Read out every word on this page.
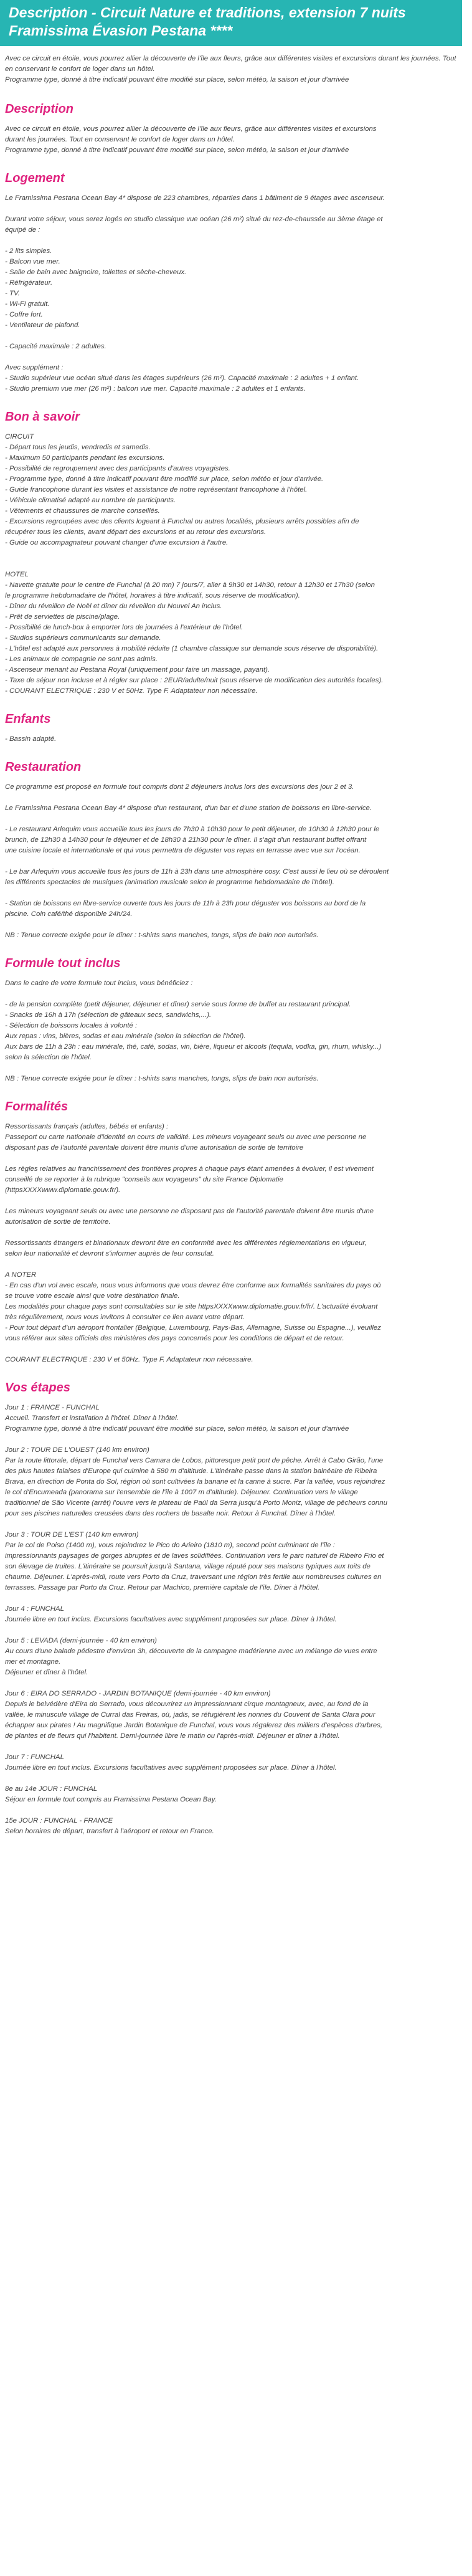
Description - Circuit Nature et traditions, extension 7 nuits Framissima Évasion Pestana ****
Avec ce circuit en étoile, vous pourrez allier la découverte de l'île aux fleurs, grâce aux différentes visites et excursions durant les journées. Tout en conservant le confort de loger dans un hôtel.
Programme type, donné à titre indicatif pouvant être modifié sur place, selon météo, la saison et jour d'arrivée
Description
Avec ce circuit en étoile, vous pourrez allier la découverte de l'île aux fleurs, grâce aux différentes visites et excursions
durant les journées. Tout en conservant le confort de loger dans un hôtel.
Programme type, donné à titre indicatif pouvant être modifié sur place, selon météo, la saison et jour d'arrivée
Logement
Le Framissima Pestana Ocean Bay 4* dispose de 223 chambres, réparties dans 1 bâtiment de 9 étages avec ascenseur.
Durant votre séjour, vous serez logés en studio classique vue océan (26 m²) situé du rez-de-chaussée au 3ème étage et
équipé de :
- 2 lits simples.
- Balcon vue mer.
- Salle de bain avec baignoire, toilettes et sèche-cheveux.
- Réfrigérateur.
- TV.
- Wi-Fi gratuit.
- Coffre fort.
- Ventilateur de plafond.
- Capacité maximale : 2 adultes.
Avec supplément :
- Studio supérieur vue océan situé dans les étages supérieurs (26 m²). Capacité maximale : 2 adultes + 1 enfant.
- Studio premium vue mer (26 m²) : balcon vue mer. Capacité maximale : 2 adultes et 1 enfants.
Bon à savoir
CIRCUIT
- Départ tous les jeudis, vendredis et samedis.
- Maximum 50 participants pendant les excursions.
- Possibilité de regroupement avec des participants d'autres voyagistes.
- Programme type, donné à titre indicatif pouvant être modifié sur place, selon météo et jour d'arrivée.
- Guide francophone durant les visites et assistance de notre représentant francophone à l'hôtel.
- Véhicule climatisé adapté au nombre de participants.
- Vêtements et chaussures de marche conseillés.
- Excursions regroupées avec des clients logeant à Funchal ou autres localités, plusieurs arrêts possibles afin de
récupérer tous les clients, avant départ des excursions et au retour des excursions.
- Guide ou accompagnateur pouvant changer d'une excursion à l'autre.
HOTEL
- Navette gratuite pour le centre de Funchal (à 20 mn) 7 jours/7, aller à 9h30 et 14h30, retour à 12h30 et 17h30 (selon
le programme hebdomadaire de l'hôtel, horaires à titre indicatif, sous réserve de modification).
- Dîner du réveillon de Noël et dîner du réveillon du Nouvel An inclus.
- Prêt de serviettes de piscine/plage.
- Possibilité de lunch-box à emporter lors de journées à l'extérieur de l'hôtel.
- Studios supérieurs communicants sur demande.
- L'hôtel est adapté aux personnes à mobilité réduite (1 chambre classique sur demande sous réserve de disponibilité).
- Les animaux de compagnie ne sont pas admis.
- Ascenseur menant au Pestana Royal (uniquement pour faire un massage, payant).
- Taxe de séjour non incluse et à régler sur place : 2EUR/adulte/nuit (sous réserve de modification des autorités locales).
- COURANT ELECTRIQUE : 230 V et 50Hz. Type F. Adaptateur non nécessaire.
Enfants
- Bassin adapté.
Restauration
Ce programme est proposé en formule tout compris dont 2 déjeuners inclus lors des excursions des jour 2 et 3.
Le Framissima Pestana Ocean Bay 4* dispose d'un restaurant, d'un bar et d'une station de boissons en libre-service.
- Le restaurant Arlequim vous accueille tous les jours de 7h30 à 10h30 pour le petit déjeuner, de 10h30 à 12h30 pour le
brunch, de 12h30 à 14h30 pour le déjeuner et de 18h30 à 21h30 pour le dîner. Il s'agit d'un restaurant buffet offrant
une cuisine locale et internationale et qui vous permettra de déguster vos repas en terrasse avec vue sur l'océan.
- Le bar Arlequim vous accueille tous les jours de 11h à 23h dans une atmosphère cosy. C'est aussi le lieu où se déroulent
les différents spectacles de musiques (animation musicale selon le programme hebdomadaire de l'hôtel).
- Station de boissons en libre-service ouverte tous les jours de 11h à 23h pour déguster vos boissons au bord de la
piscine. Coin café/thé disponible 24h/24.
NB : Tenue correcte exigée pour le dîner : t-shirts sans manches, tongs, slips de bain non autorisés.
Formule tout inclus
Dans le cadre de votre formule tout inclus, vous bénéficiez :
- de la pension complète (petit déjeuner, déjeuner et dîner) servie sous forme de buffet au restaurant principal.
- Snacks de 16h à 17h (sélection de gâteaux secs, sandwichs,...).
- Sélection de boissons locales à volonté :
Aux repas : vins, bières, sodas et eau minérale (selon la sélection de l'hôtel).
Aux bars de 11h à 23h : eau minérale, thé, café, sodas, vin, bière, liqueur et alcools (tequila, vodka, gin, rhum, whisky...)
selon la sélection de l'hôtel.
NB : Tenue correcte exigée pour le dîner : t-shirts sans manches, tongs, slips de bain non autorisés.
Formalités
Ressortissants français (adultes, bébés et enfants) :
Passeport ou carte nationale d'identité en cours de validité. Les mineurs voyageant seuls ou avec une personne ne
disposant pas de l'autorité parentale doivent être munis d'une autorisation de sortie de territoire
Les règles relatives au franchissement des frontières propres à chaque pays étant amenées à évoluer, il est vivement
conseillé de se reporter à la rubrique "conseils aux voyageurs" du site France Diplomatie
(httpsXXXXwww.diplomatie.gouv.fr/).
Les mineurs voyageant seuls ou avec une personne ne disposant pas de l'autorité parentale doivent être munis d'une
autorisation de sortie de territoire.
Ressortissants étrangers et binationaux devront être en conformité avec les différentes réglementations en vigueur,
selon leur nationalité et devront s'informer auprès de leur consulat.
A NOTER
- En cas d'un vol avec escale, nous vous informons que vous devrez être conforme aux formalités sanitaires du pays où
se trouve votre escale ainsi que votre destination finale.
Les modalités pour chaque pays sont consultables sur le site httpsXXXXwww.diplomatie.gouv.fr/fr/. L'actualité évoluant
très régulièrement, nous vous invitons à consulter ce lien avant votre départ.
- Pour tout départ d'un aéroport frontalier (Belgique, Luxembourg, Pays-Bas, Allemagne, Suisse ou Espagne...), veuillez
vous référer aux sites officiels des ministères des pays concernés pour les conditions de départ et de retour.
COURANT ELECTRIQUE : 230 V et 50Hz. Type F. Adaptateur non nécessaire.
Vos étapes
Jour 1 : FRANCE - FUNCHAL
Accueil. Transfert et installation à l'hôtel. Dîner à l'hôtel.
Programme type, donné à titre indicatif pouvant être modifié sur place, selon météo, la saison et jour d'arrivée
Jour 2 : TOUR DE L'OUEST (140 km environ)
Par la route littorale, départ de Funchal vers Camara de Lobos, pittoresque petit port de pêche. Arrêt à Cabo Girão, l'une
des plus hautes falaises d'Europe qui culmine à 580 m d'altitude. L'itinéraire passe dans la station balnéaire de Ribeira
Brava, en direction de Ponta do Sol, région où sont cultivées la banane et la canne à sucre. Par la vallée, vous rejoindrez
le col d'Encumeada (panorama sur l'ensemble de l'île à 1007 m d'altitude). Déjeuner. Continuation vers le village
traditionnel de São Vicente (arrêt) l'ouvre vers le plateau de Paúl da Serra jusqu'à Porto Moniz, village de pêcheurs connu
pour ses piscines naturelles creusées dans des rochers de basalte noir. Retour à Funchal. Dîner à l'hôtel.
Jour 3 : TOUR DE L'EST (140 km environ)
Par le col de Poiso (1400 m), vous rejoindrez le Pico do Arieiro (1810 m), second point culminant de l'île :
impressionnants paysages de gorges abruptes et de laves solidifiées. Continuation vers le parc naturel de Ribeiro Frio et
son élevage de truites. L'itinéraire se poursuit jusqu'à Santana, village réputé pour ses maisons typiques aux toits de
chaume. Déjeuner. L'après-midi, route vers Porto da Cruz, traversant une région très fertile aux nombreuses cultures en
terrasses. Passage par Porto da Cruz. Retour par Machico, première capitale de l'île. Dîner à l'hôtel.
Jour 4 : FUNCHAL
Journée libre en tout inclus. Excursions facultatives avec supplément proposées sur place. Dîner à l'hôtel.
Jour 5 : LEVADA (demi-journée - 40 km environ)
Au cours d'une balade pédestre d'environ 3h, découverte de la campagne madérienne avec un mélange de vues entre
mer et montagne.
Déjeuner et dîner à l'hôtel.
Jour 6 : EIRA DO SERRADO - JARDIN BOTANIQUE (demi-journée - 40 km environ)
Depuis le belvédère d'Eira do Serrado, vous découvrirez un impressionnant cirque montagneux, avec, au fond de la
vallée, le minuscule village de Curral das Freiras, où, jadis, se réfugièrent les nonnes du Couvent de Santa Clara pour
échapper aux pirates ! Au magnifique Jardin Botanique de Funchal, vous vous régalerez des milliers d'espèces d'arbres,
de plantes et de fleurs qui l'habitent. Demi-journée libre le matin ou l'après-midi. Déjeuner et dîner à l'hôtel.
Jour 7 : FUNCHAL
Journée libre en tout inclus. Excursions facultatives avec supplément proposées sur place. Dîner à l'hôtel.
8e au 14e JOUR : FUNCHAL
Séjour en formule tout compris au Framissima Pestana Ocean Bay.
15e JOUR : FUNCHAL - FRANCE
Selon horaires de départ, transfert à l'aéroport et retour en France.
